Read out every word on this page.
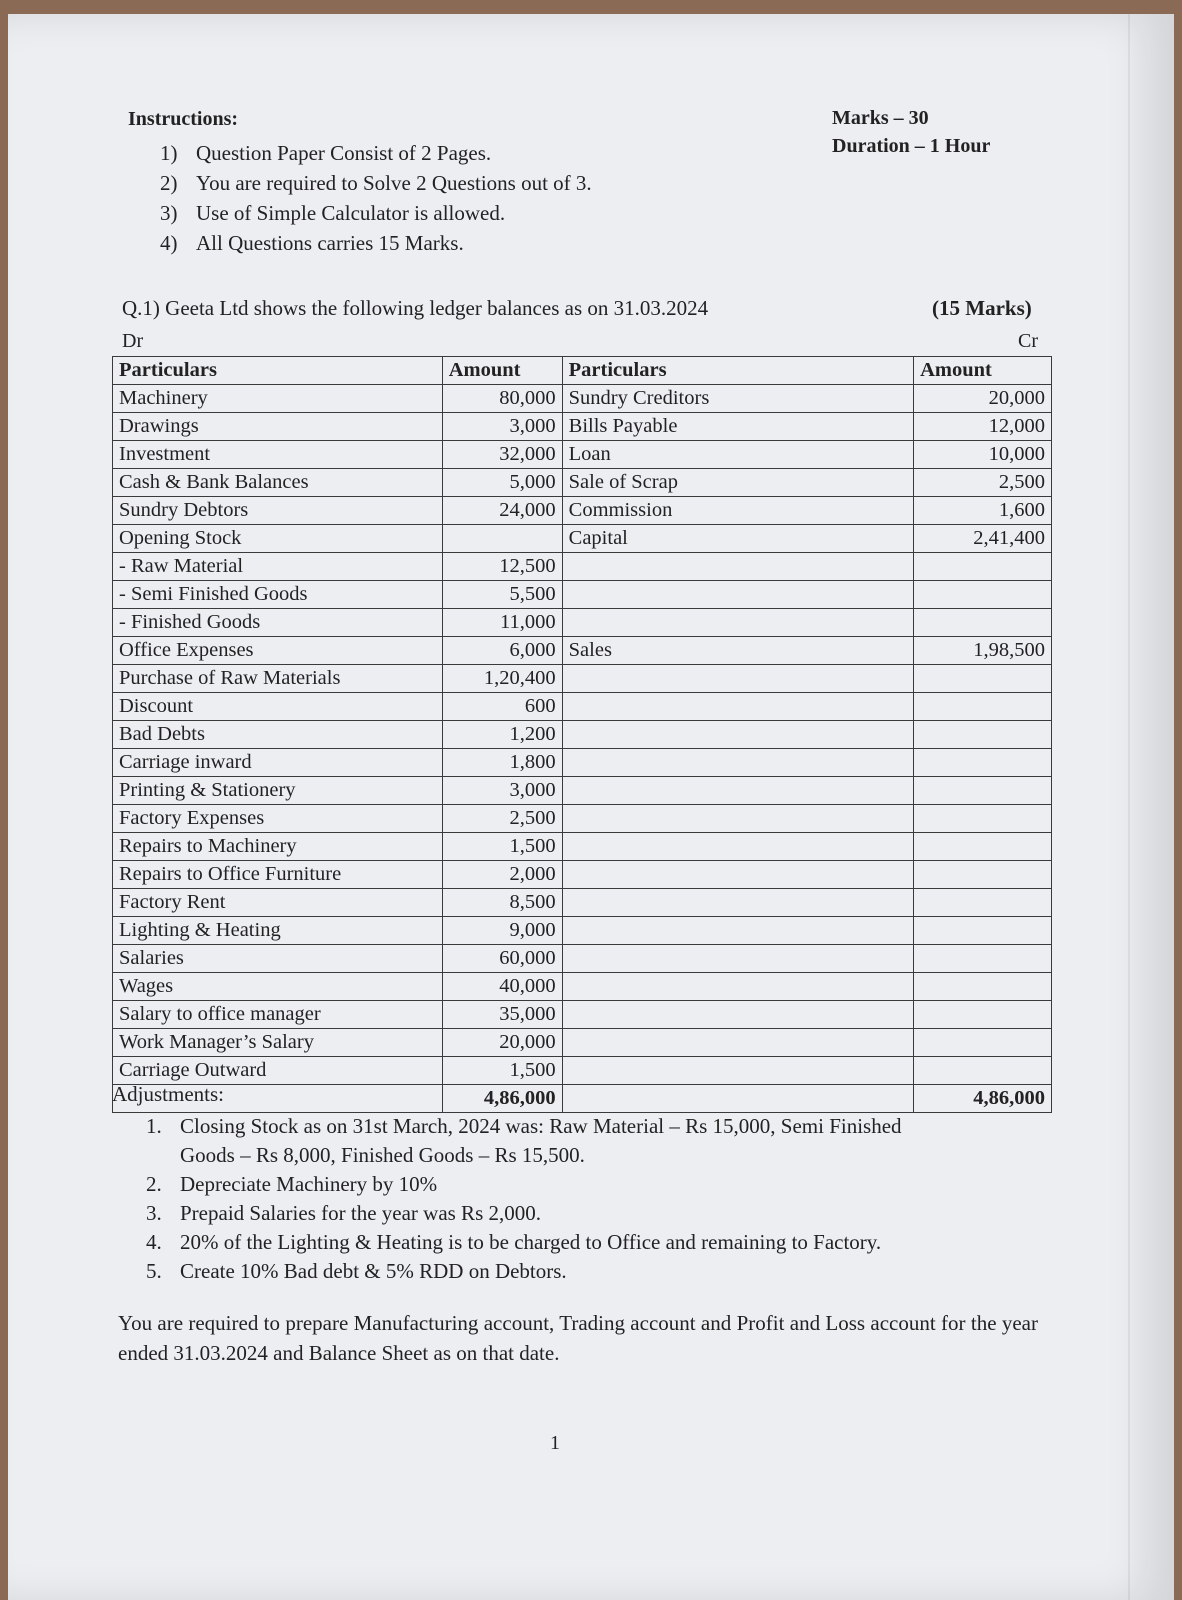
Instructions:
1) Question Paper Consist of 2 Pages.
2) You are required to Solve 2 Questions out of 3.
3) Use of Simple Calculator is allowed.
4) All Questions carries 15 Marks.
Marks – 30
Duration – 1 Hour
Q.1) Geeta Ltd shows the following ledger balances as on 31.03.2024	(15 Marks)
Dr	Cr
Particulars	Amount	Particulars	Amount
Machinery	80,000	Sundry Creditors	20,000
Drawings	3,000	Bills Payable	12,000
Investment	32,000	Loan	10,000
Cash & Bank Balances	5,000	Sale of Scrap	2,500
Sundry Debtors	24,000	Commission	1,600
Opening Stock		Capital	2,41,400
- Raw Material	12,500		
- Semi Finished Goods	5,500		
- Finished Goods	11,000		
Office Expenses	6,000	Sales	1,98,500
Purchase of Raw Materials	1,20,400		
Discount	600		
Bad Debts	1,200		
Carriage inward	1,800		
Printing & Stationery	3,000		
Factory Expenses	2,500		
Repairs to Machinery	1,500		
Repairs to Office Furniture	2,000		
Factory Rent	8,500		
Lighting & Heating	9,000		
Salaries	60,000		
Wages	40,000		
Salary to office manager	35,000		
Work Manager’s Salary	20,000		
Carriage Outward	1,500		
	4,86,000		4,86,000
Adjustments:
1. Closing Stock as on 31st March, 2024 was: Raw Material – Rs 15,000, Semi Finished
Goods – Rs 8,000, Finished Goods – Rs 15,500.
2. Depreciate Machinery by 10%
3. Prepaid Salaries for the year was Rs 2,000.
4. 20% of the Lighting & Heating is to be charged to Office and remaining to Factory.
5. Create 10% Bad debt & 5% RDD on Debtors.
You are required to prepare Manufacturing account, Trading account and Profit and Loss account for the year ended 31.03.2024 and Balance Sheet as on that date.
1
